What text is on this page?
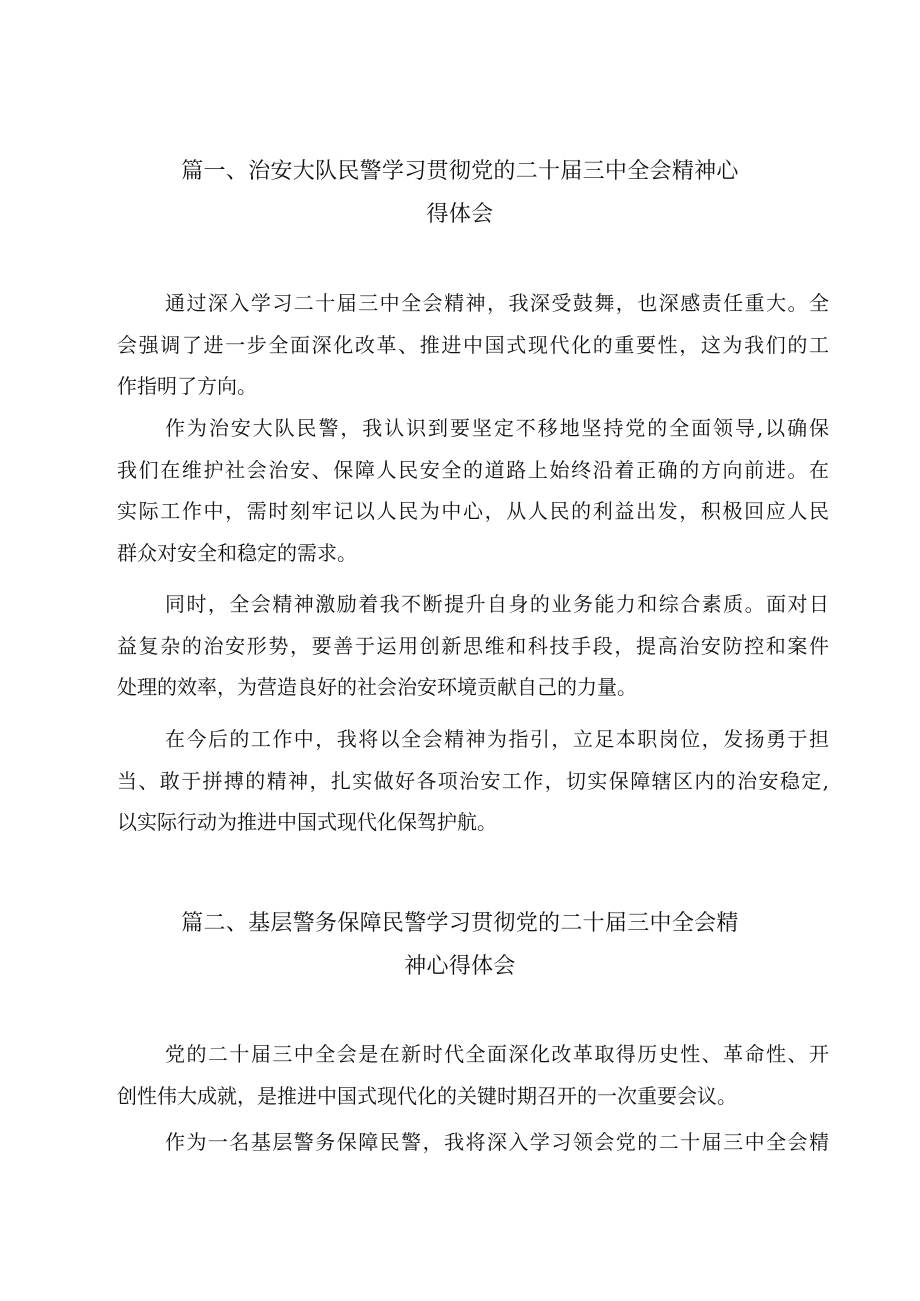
篇一、治安大队民警学习贯彻党的二十届三中全会精神心
得体会
通过深入学习二十届三中全会精神，我深受鼓舞，也深感责任重大。全
会强调了进一步全面深化改革、推进中国式现代化的重要性，这为我们的工
作指明了方向。
作为治安大队民警，我认识到要坚定不移地坚持党的全面领导,以确保
我们在维护社会治安、保障人民安全的道路上始终沿着正确的方向前进。在
实际工作中，需时刻牢记以人民为中心，从人民的利益出发，积极回应人民
群众对安全和稳定的需求。
同时，全会精神激励着我不断提升自身的业务能力和综合素质。面对日
益复杂的治安形势，要善于运用创新思维和科技手段，提高治安防控和案件
处理的效率，为营造良好的社会治安环境贡献自己的力量。
在今后的工作中，我将以全会精神为指引，立足本职岗位，发扬勇于担
当、敢于拼搏的精神，扎实做好各项治安工作，切实保障辖区内的治安稳定,
以实际行动为推进中国式现代化保驾护航。
篇二、基层警务保障民警学习贯彻党的二十届三中全会精
神心得体会
党的二十届三中全会是在新时代全面深化改革取得历史性、革命性、开
创性伟大成就，是推进中国式现代化的关键时期召开的一次重要会议。
作为一名基层警务保障民警，我将深入学习领会党的二十届三中全会精
